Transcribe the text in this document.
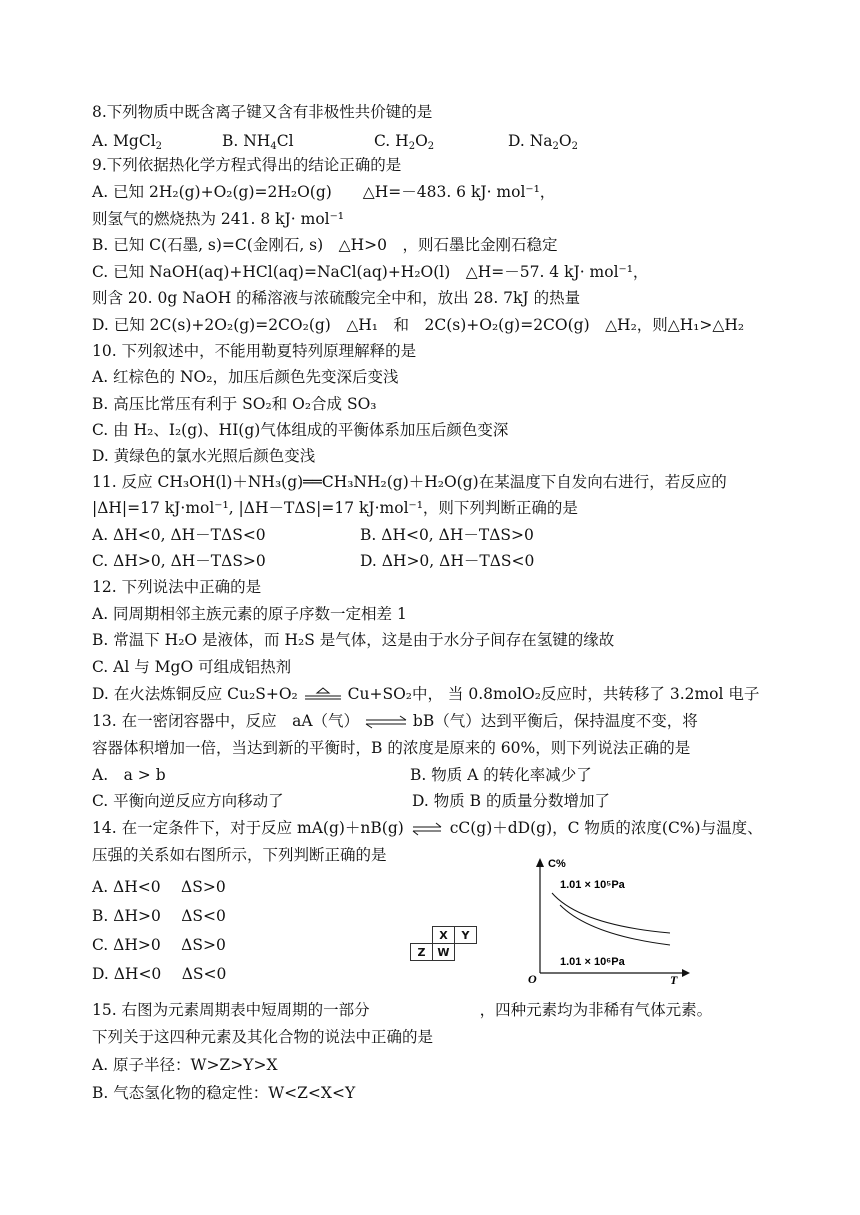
8.下列物质中既含离子键又含有非极性共价键的是
A. MgCl$_2$	B. $NH_4Cl$	C. $H_2O_2$	D. $Na_2O_2$
9.下列依据热化学方程式得出的结论正确的是
A. 已知 2H₂(g)+O₂(g)=2H₂O(g)　　△H=－483. 6 kJ· mol⁻¹，
则氢气的燃烧热为 241. 8 kJ· mol⁻¹
B. 已知 C(石墨, s)=C(金刚石, s)　△H>0　，则石墨比金刚石稳定
C. 已知 NaOH(aq)+HCl(aq)=NaCl(aq)+H₂O(l)　△H=－57. 4 kJ· mol⁻¹，
则含 20. 0g NaOH 的稀溶液与浓硫酸完全中和，放出 28. 7kJ 的热量
D. 已知 2C(s)+2O₂(g)=2CO₂(g)　△H₁　和　2C(s)+O₂(g)=2CO(g)　△H₂，则△H₁>△H₂
10. 下列叙述中，不能用勒夏特列原理解释的是
A. 红棕色的 NO₂，加压后颜色先变深后变浅
B. 高压比常压有利于 SO₂和 O₂合成 SO₃
C. 由 H₂、I₂(g)、HI(g)气体组成的平衡体系加压后颜色变深
D. 黄绿色的氯水光照后颜色变浅
11. 反应 CH₃OH(l)＋NH₃(g)══CH₃NH₂(g)＋H₂O(g)在某温度下自发向右进行，若反应的
|ΔH|=17 kJ·mol⁻¹, |ΔH－TΔS|=17 kJ·mol⁻¹，则下列判断正确的是
A. ΔH<0, ΔH－TΔS<0	B. ΔH<0, ΔH－TΔS>0
C. ΔH>0, ΔH－TΔS>0	D. ΔH>0, ΔH－TΔS<0
12. 下列说法中正确的是
A. 同周期相邻主族元素的原子序数一定相差 1
B. 常温下 H₂O 是液体，而 H₂S 是气体，这是由于水分子间存在氢键的缘故
C. Al 与 MgO 可组成铝热剂
D. 在火法炼铜反应 Cu₂S+O₂	Cu+SO₂中， 当 0.8molO₂反应时，共转移了 3.2mol 电子
13. 在一密闭容器中，反应　aA（气） ⇌ bB（气）达到平衡后，保持温度不变，将
容器体积增加一倍，当达到新的平衡时，B 的浓度是原来的 60%，则下列说法正确的是
A.　a > b	B. 物质 A 的转化率减少了
C. 平衡向逆反应方向移动了	D. 物质 B 的质量分数增加了
14. 在一定条件下，对于反应 mA(g)＋nB(g) ⇌ cC(g)＋dD(g)，C 物质的浓度(C%)与温度、
压强的关系如右图所示，下列判断正确的是
A. ΔH<0　 ΔS>0
B. ΔH>0　 ΔS<0
C. ΔH>0　 ΔS>0
D. ΔH<0　 ΔS<0
C%
T
O
1.01 × 10⁵Pa
1.01 × 10⁶Pa
X	Y
Z	W
15. 右图为元素周期表中短周期的一部分	，四种元素均为非稀有气体元素。
下列关于这四种元素及其化合物的说法中正确的是
A. 原子半径：W>Z>Y>X
B. 气态氢化物的稳定性：W<Z<X<Y
